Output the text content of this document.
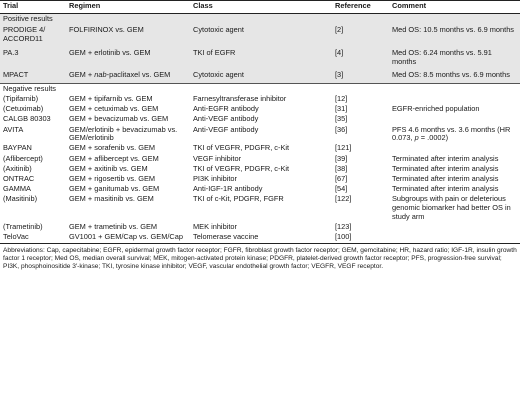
Trial	Regimen	Class	Reference	Comment
Positive results				
PRODIGE 4/ ACCORD11	FOLFIRINOX vs. GEM	Cytotoxic agent	[2]	Med OS: 10.5 months vs. 6.9 months
PA.3	GEM + erlotinib vs. GEM	TKI of EGFR	[4]	Med OS: 6.24 months vs. 5.91 months
MPACT	GEM + nab-paclitaxel vs. GEM	Cytotoxic agent	[3]	Med OS: 8.5 months vs. 6.9 months
Negative results				
(Tipifarnib)	GEM + tipifarnib vs. GEM	Farnesyltransferase inhibitor	[12]	
(Cetuximab)	GEM + cetuximab vs. GEM	Anti-EGFR antibody	[31]	EGFR-enriched population
CALGB 80303	GEM + bevacizumab vs. GEM	Anti-VEGF antibody	[35]	
AVITA	GEM/erlotinib + bevacizumab vs. GEM/erlotinib	Anti-VEGF antibody	[36]	PFS 4.6 months vs. 3.6 months (HR 0.073, p = .0002)
BAYPAN	GEM + sorafenib vs. GEM	TKI of VEGFR, PDGFR, c-Kit	[121]	
(Aflibercept)	GEM + aflibercept vs. GEM	VEGF inhibitor	[39]	Terminated after interim analysis
(Axitinib)	GEM + axitinib vs. GEM	TKI of VEGFR, PDGFR, c-Kit	[38]	Terminated after interim analysis
ONTRAC	GEM + rigosertib vs. GEM	PI3K inhibitor	[67]	Terminated after interim analysis
GAMMA	GEM + ganitumab vs. GEM	Anti-IGF-1R antibody	[54]	Terminated after interim analysis
(Masitinib)	GEM + masitinib vs. GEM	TKI of c-Kit, PDGFR, FGFR	[122]	Subgroups with pain or deleterious genomic biomarker had better OS in study arm
(Trametinib)	GEM + trametinib vs. GEM	MEK inhibitor	[123]	
TeloVac	GV1001 + GEM/Cap vs. GEM/Cap	Telomerase vaccine	[100]	
Abbreviations: Cap, capecitabine; EGFR, epidermal growth factor receptor; FGFR, fibroblast growth factor receptor; GEM, gemcitabine; HR, hazard ratio; IGF-1R, insulin growth factor 1 receptor; Med OS, median overall survival; MEK, mitogen-activated protein kinase; PDGFR, platelet-derived growth factor receptor; PFS, progression-free survival; PI3K, phosphoinositide 3′-kinase; TKI, tyrosine kinase inhibitor; VEGF, vascular endothelial growth factor; VEGFR, VEGF receptor.
